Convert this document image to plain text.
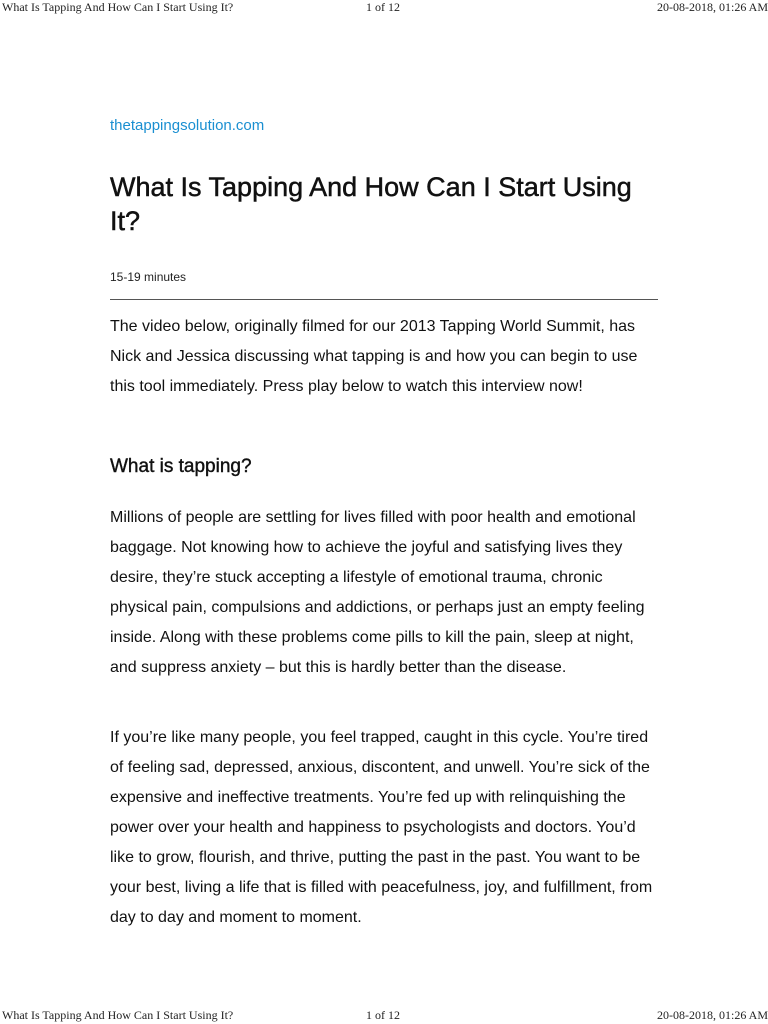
What Is Tapping And How Can I Start Using It?	1 of 12	20-08-2018, 01:26 AM
thetappingsolution.com
What Is Tapping And How Can I Start Using It?
15-19 minutes

The video below, originally filmed for our 2013 Tapping World Summit, has Nick and Jessica discussing what tapping is and how you can begin to use this tool immediately. Press play below to watch this interview now!

What is tapping?

Millions of people are settling for lives filled with poor health and emotional baggage. Not knowing how to achieve the joyful and satisfying lives they desire, they’re stuck accepting a lifestyle of emotional trauma, chronic physical pain, compulsions and addictions, or perhaps just an empty feeling inside. Along with these problems come pills to kill the pain, sleep at night, and suppress anxiety – but this is hardly better than the disease.

If you’re like many people, you feel trapped, caught in this cycle. You’re tired of feeling sad, depressed, anxious, discontent, and unwell. You’re sick of the expensive and ineffective treatments. You’re fed up with relinquishing the power over your health and happiness to psychologists and doctors. You’d like to grow, flourish, and thrive, putting the past in the past. You want to be your best, living a life that is filled with peacefulness, joy, and fulfillment, from day to day and moment to moment.

What Is Tapping And How Can I Start Using It?	1 of 12	20-08-2018, 01:26 AM
